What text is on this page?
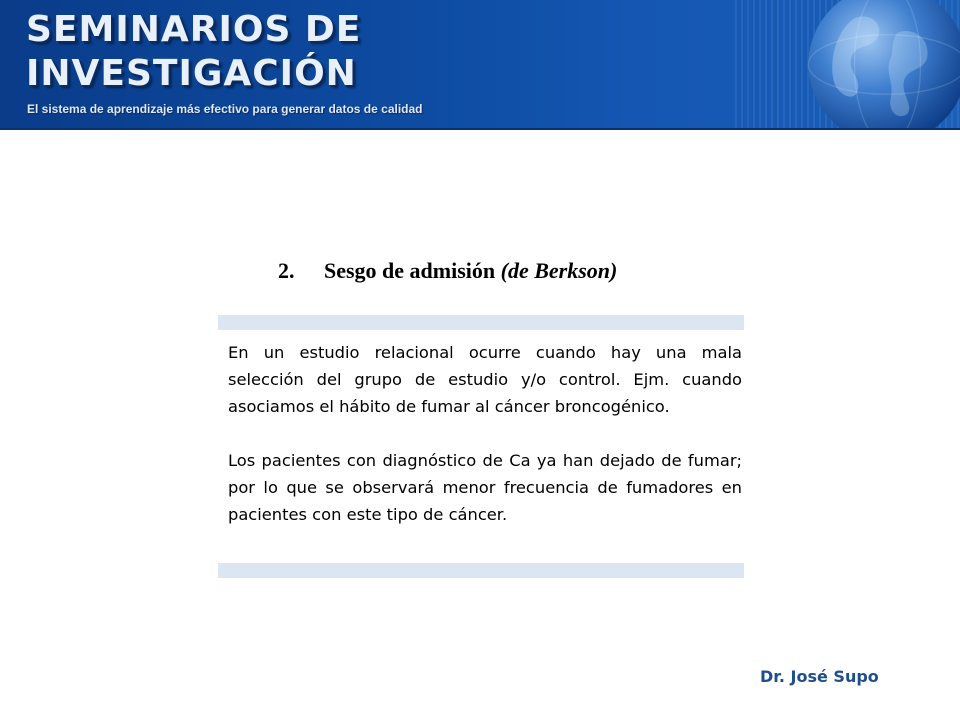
SEMINARIOS DE
INVESTIGACIÓN
El sistema de aprendizaje más efectivo para generar datos de calidad
2. Sesgo de admisión (de Berkson)

En un estudio relacional ocurre cuando hay una mala selección del grupo de estudio y/o control. Ejm. cuando asociamos el hábito de fumar al cáncer broncogénico.

Los pacientes con diagnóstico de Ca ya han dejado de fumar; por lo que se observará menor frecuencia de fumadores en pacientes con este tipo de cáncer.

Dr. José Supo
